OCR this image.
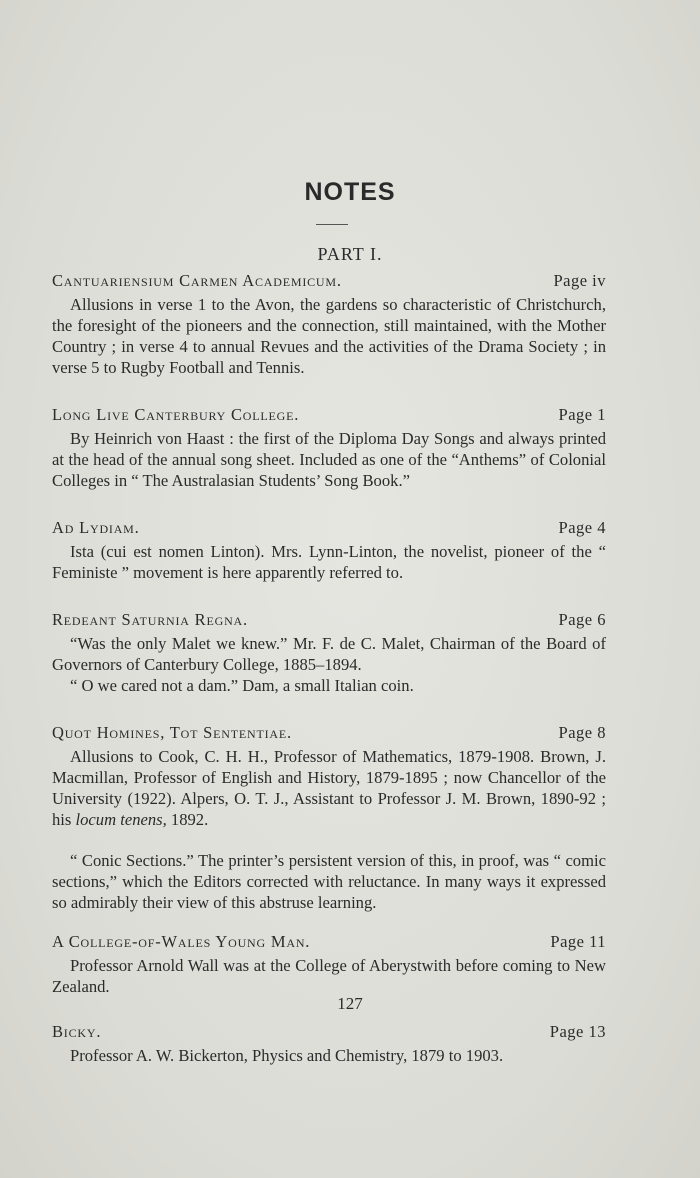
NOTES
PART I.
Cantuariensium Carmen Academicum.	Page iv

Allusions in verse 1 to the Avon, the gardens so characteristic of Christchurch, the foresight of the pioneers and the connection, still maintained, with the Mother Country ; in verse 4 to annual Revues and the activities of the Drama Society ; in verse 5 to Rugby Football and Tennis.

Long Live Canterbury College.	Page 1

By Heinrich von Haast : the first of the Diploma Day Songs and always printed at the head of the annual song sheet. Included as one of the “Anthems” of Colonial Colleges in “ The Australasian Students’ Song Book.”

Ad Lydiam.	Page 4

Ista (cui est nomen Linton). Mrs. Lynn-Linton, the novelist, pioneer of the “ Feministe ” movement is here apparently referred to.

Redeant Saturnia Regna.	Page 6

“Was the only Malet we knew.” Mr. F. de C. Malet, Chairman of the Board of Governors of Canterbury College, 1885–1894.

“ O we cared not a dam.” Dam, a small Italian coin.

Quot Homines, Tot Sententiae.	Page 8

Allusions to Cook, C. H. H., Professor of Mathematics, 1879-1908. Brown, J. Macmillan, Professor of English and History, 1879-1895 ; now Chancellor of the University (1922). Alpers, O. T. J., Assistant to Professor J. M. Brown, 1890-92 ; his locum tenens, 1892.

“ Conic Sections.” The printer’s persistent version of this, in proof, was “ comic sections,” which the Editors corrected with reluctance. In many ways it expressed so admirably their view of this abstruse learning.

A College-of-Wales Young Man.	Page 11

Professor Arnold Wall was at the College of Aberystwith before coming to New Zealand.

Bicky.	Page 13

Professor A. W. Bickerton, Physics and Chemistry, 1879 to 1903.

127
